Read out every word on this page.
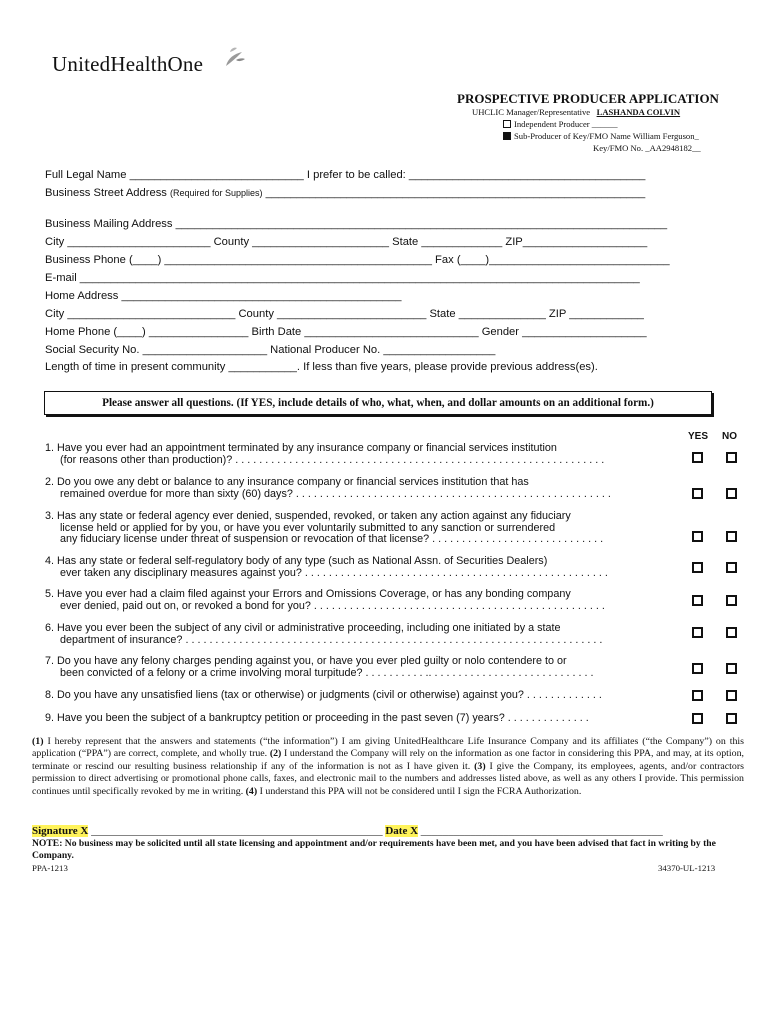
UnitedHealthOne
PROSPECTIVE PRODUCER APPLICATION
UHCLIC Manager/Representative LASHANDA COLVIN
Independent Producer ______
Sub-Producer of Key/FMO Name William Ferguson_
Key/FMO No. _AA2948182__
Full Legal Name ____________________________ I prefer to be called: ______________________________________
Business Street Address (Required for Supplies) _____________________________________________________________
Business Mailing Address _______________________________________________________________________________
City _______________________ County ______________________ State _____________ ZIP____________________
Business Phone (____) ___________________________________________ Fax (____)_____________________________
E-mail __________________________________________________________________________________________
Home Address _____________________________________________
City ___________________________ County ________________________ State ______________ ZIP ____________
Home Phone (____) ________________ Birth Date ____________________________ Gender ____________________
Social Security No. ____________________ National Producer No. __________________
Length of time in present community ___________. If less than five years, please provide previous address(es).
Please answer all questions. (If YES, include details of who, what, when, and dollar amounts on an additional form.)
YES NO
1. Have you ever had an appointment terminated by any insurance company or financial services institution
(for reasons other than production)? . . . . . . . . . . . . . . . . . . . . . . . . . . . . . . . . . . . . . . . . . . . . . . . . . . . . . . . . . . . . . .
2. Do you owe any debt or balance to any insurance company or financial services institution that has
remained overdue for more than sixty (60) days? . . . . . . . . . . . . . . . . . . . . . . . . . . . . . . . . . . . . . . . . . . . . . . . . . . . . .
3. Has any state or federal agency ever denied, suspended, revoked, or taken any action against any fiduciary
license held or applied for by you, or have you ever voluntarily submitted to any sanction or surrendered
any fiduciary license under threat of suspension or revocation of that license? . . . . . . . . . . . . . . . . . . . . . . . . . . . . .
4. Has any state or federal self-regulatory body of any type (such as National Assn. of Securities Dealers)
ever taken any disciplinary measures against you? . . . . . . . . . . . . . . . . . . . . . . . . . . . . . . . . . . . . . . . . . . . . . . . . . . .
5. Have you ever had a claim filed against your Errors and Omissions Coverage, or has any bonding company
ever denied, paid out on, or revoked a bond for you? . . . . . . . . . . . . . . . . . . . . . . . . . . . . . . . . . . . . . . . . . . . . . . . . .
6. Have you ever been the subject of any civil or administrative proceeding, including one initiated by a state
department of insurance? . . . . . . . . . . . . . . . . . . . . . . . . . . . . . . . . . . . . . . . . . . . . . . . . . . . . . . . . . . . . . . . . . . . . . .
7. Do you have any felony charges pending against you, or have you ever pled guilty or nolo contendere to or
been convicted of a felony or a crime involving moral turpitude? . . . . . . . . . . .. . . . . . . . . . . . . . . . . . . . . . . . . . . .
8. Do you have any unsatisfied liens (tax or otherwise) or judgments (civil or otherwise) against you? . . . . . . . . . . . . .
9. Have you been the subject of a bankruptcy petition or proceeding in the past seven (7) years? . . . . . . . . . . . . . .
(1) I hereby represent that the answers and statements (“the information”) I am giving UnitedHealthcare Life Insurance Company and its affiliates (“the Company”) on this application (“PPA”) are correct, complete, and wholly true. (2) I understand the Company will rely on the information as one factor in considering this PPA, and may, at its option, terminate or rescind our resulting business relationship if any of the information is not as I have given it. (3) I give the Company, its employees, agents, and/or contractors permission to direct advertising or promotional phone calls, faxes, and electronic mail to the numbers and addresses listed above, as well as any others I provide. This permission continues until specifically revoked by me in writing. (4) I understand this PPA will not be considered until I sign the FCRA Authorization.
Signature X _____________________________________________________ Date X ____________________________________________
NOTE: No business may be solicited until all state licensing and appointment and/or requirements have been met, and you have been advised that fact in writing by the Company.
PPA-1213	34370-UL-1213
